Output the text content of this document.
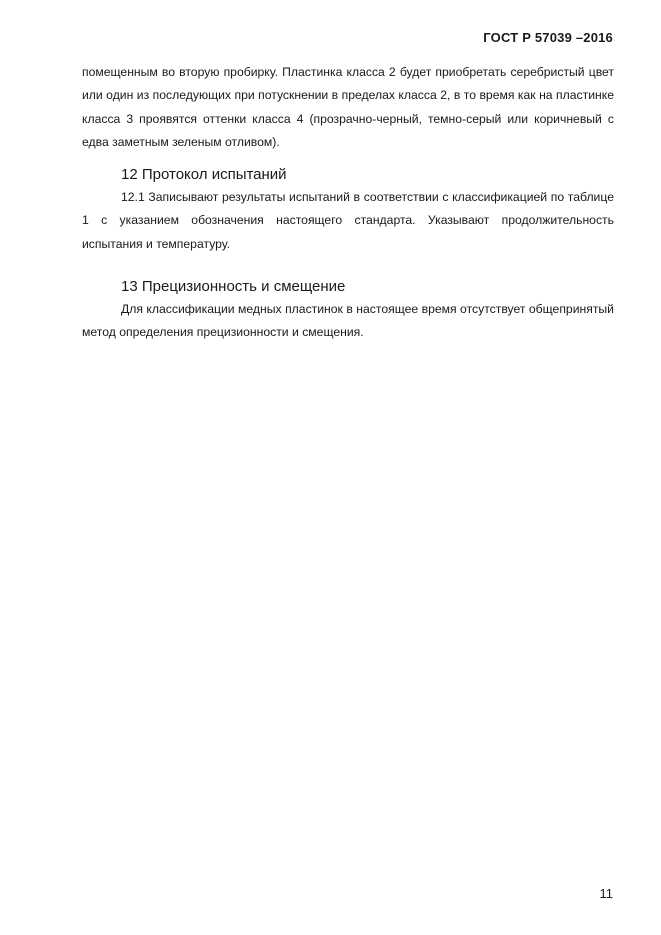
ГОСТ Р 57039 –2016

помещенным во вторую пробирку. Пластинка класса 2 будет приобретать серебристый цвет или один из последующих при потускнении в пределах класса 2, в то время как на пластинке класса 3 проявятся оттенки класса 4 (прозрачно-черный, темно-серый или коричневый с едва заметным зеленым отливом).

12 Протокол испытаний

12.1 Записывают результаты испытаний в соответствии с классификацией по таблице 1 с указанием обозначения настоящего стандарта. Указывают продолжительность испытания и температуру.

13 Прецизионность и смещение

Для классификации медных пластинок в настоящее время отсутствует общепринятый метод определения прецизионности и смещения.

11
